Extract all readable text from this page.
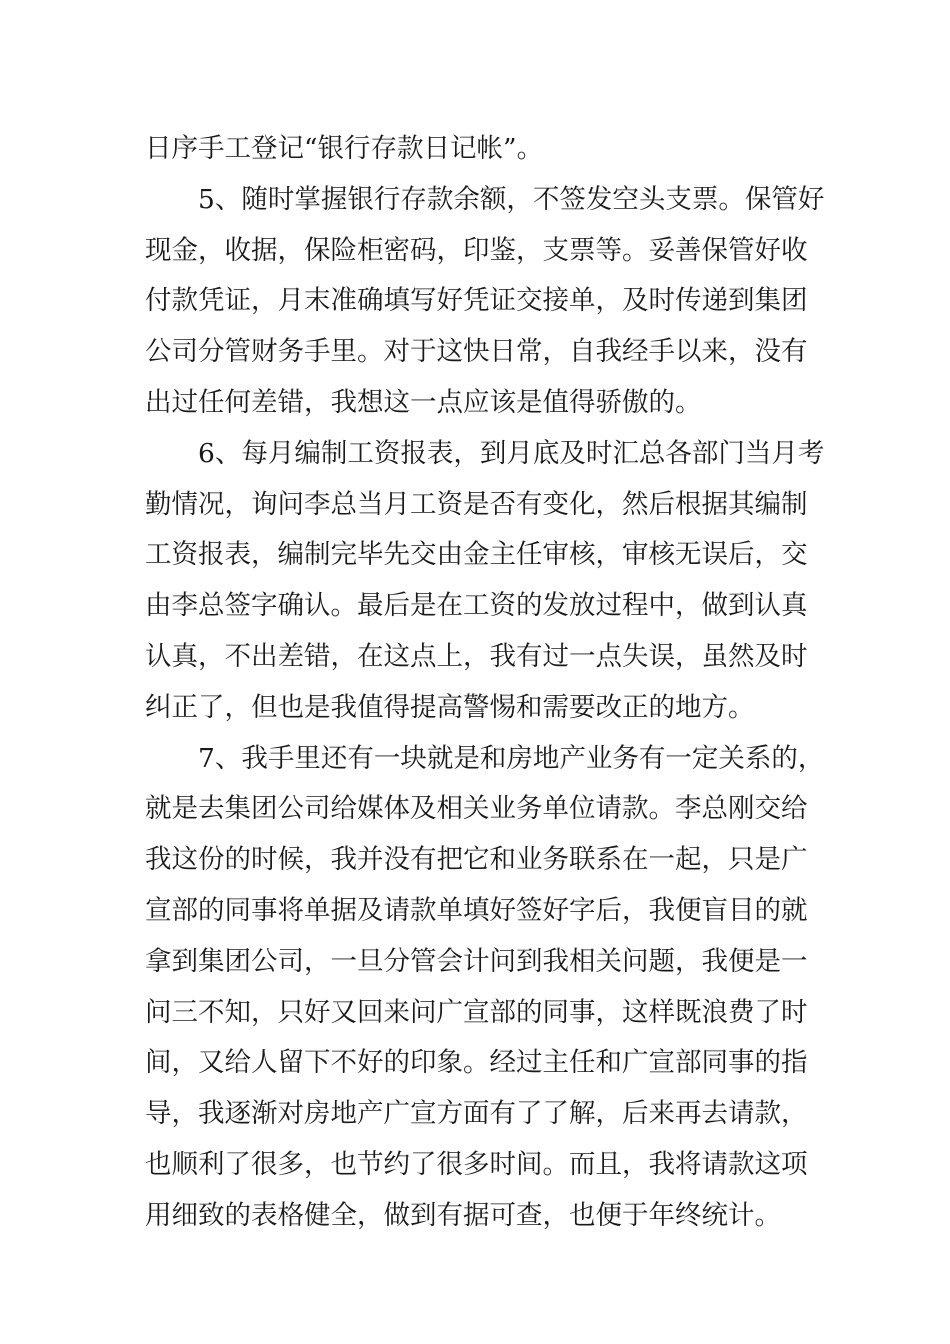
日序手工登记“银行存款日记帐”。
5、随时掌握银行存款余额，不签发空头支票。保管好
现金，收据，保险柜密码，印鉴，支票等。妥善保管好收
付款凭证，月末准确填写好凭证交接单，及时传递到集团
公司分管财务手里。对于这快日常，自我经手以来，没有
出过任何差错，我想这一点应该是值得骄傲的。
6、每月编制工资报表，到月底及时汇总各部门当月考
勤情况，询问李总当月工资是否有变化，然后根据其编制
工资报表，编制完毕先交由金主任审核，审核无误后，交
由李总签字确认。最后是在工资的发放过程中，做到认真
认真，不出差错，在这点上，我有过一点失误，虽然及时
纠正了，但也是我值得提高警惕和需要改正的地方。
7、我手里还有一块就是和房地产业务有一定关系的，
就是去集团公司给媒体及相关业务单位请款。李总刚交给
我这份的时候，我并没有把它和业务联系在一起，只是广
宣部的同事将单据及请款单填好签好字后，我便盲目的就
拿到集团公司，一旦分管会计问到我相关问题，我便是一
问三不知，只好又回来问广宣部的同事，这样既浪费了时
间，又给人留下不好的印象。经过主任和广宣部同事的指
导，我逐渐对房地产广宣方面有了了解，后来再去请款，
也顺利了很多，也节约了很多时间。而且，我将请款这项
用细致的表格健全，做到有据可查，也便于年终统计。
